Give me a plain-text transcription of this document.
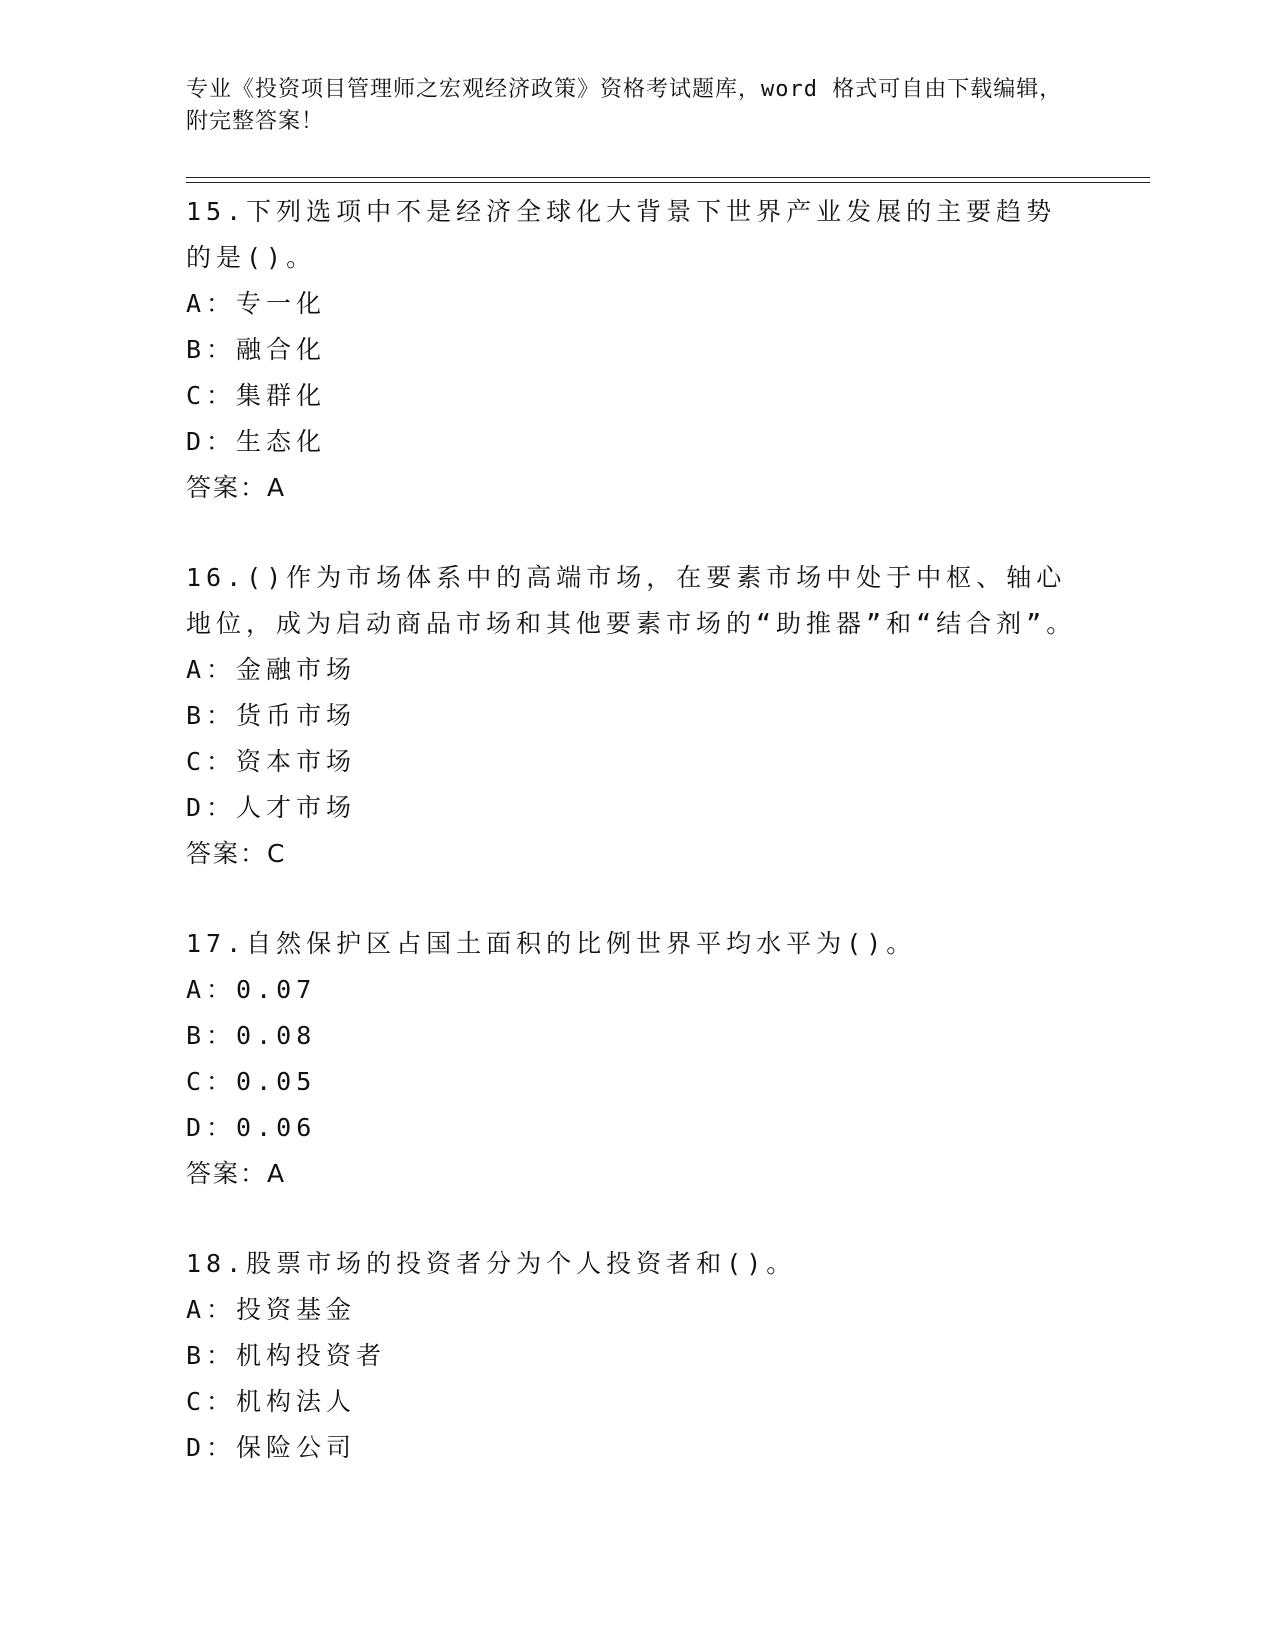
专业《投资项目管理师之宏观经济政策》资格考试题库，word 格式可自由下载编辑，附完整答案！

15.下列选项中不是经济全球化大背景下世界产业发展的主要趋势的是()。

A：专一化

B：融合化

C：集群化

D：生态化

答案：A

16.()作为市场体系中的高端市场，在要素市场中处于中枢、轴心地位，成为启动商品市场和其他要素市场的“助推器”和“结合剂”。

A：金融市场

B：货币市场

C：资本市场

D：人才市场

答案：C

17.自然保护区占国土面积的比例世界平均水平为()。

A：0.07

B：0.08

C：0.05

D：0.06

答案：A

18.股票市场的投资者分为个人投资者和()。

A：投资基金

B：机构投资者

C：机构法人

D：保险公司
